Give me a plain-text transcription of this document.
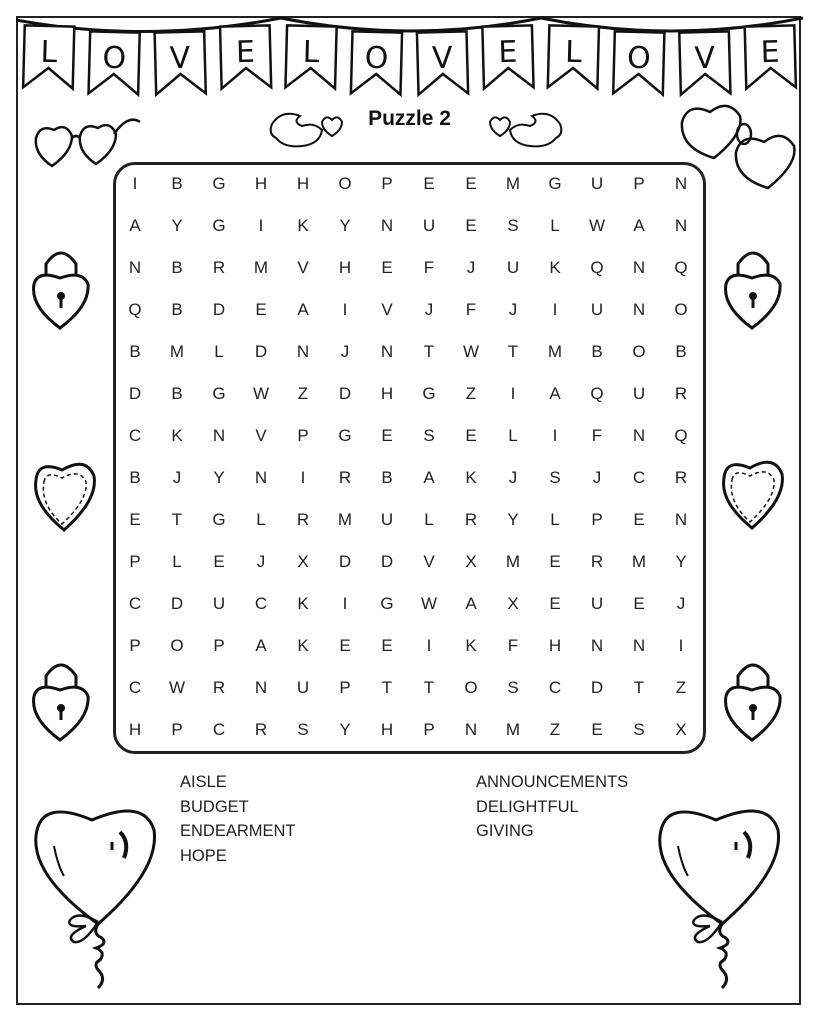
L O V E L O V E L O V E
Puzzle 2
I	B	G	H	H	O	P	E	E	M	G	U	P	N
A	Y	G	I	K	Y	N	U	E	S	L	W	A	N
N	B	R	M	V	H	E	F	J	U	K	Q	N	Q
Q	B	D	E	A	I	V	J	F	J	I	U	N	O
B	M	L	D	N	J	N	T	W	T	M	B	O	B
D	B	G	W	Z	D	H	G	Z	I	A	Q	U	R
C	K	N	V	P	G	E	S	E	L	I	F	N	Q
B	J	Y	N	I	R	B	A	K	J	S	J	C	R
E	T	G	L	R	M	U	L	R	Y	L	P	E	N
P	L	E	J	X	D	D	V	X	M	E	R	M	Y
C	D	U	C	K	I	G	W	A	X	E	U	E	J
P	O	P	A	K	E	E	I	K	F	H	N	N	I
C	W	R	N	U	P	T	T	O	S	C	D	T	Z
H	P	C	R	S	Y	H	P	N	M	Z	E	S	X
AISLE
BUDGET
ENDEARMENT
HOPE
ANNOUNCEMENTS
DELIGHTFUL
GIVING
